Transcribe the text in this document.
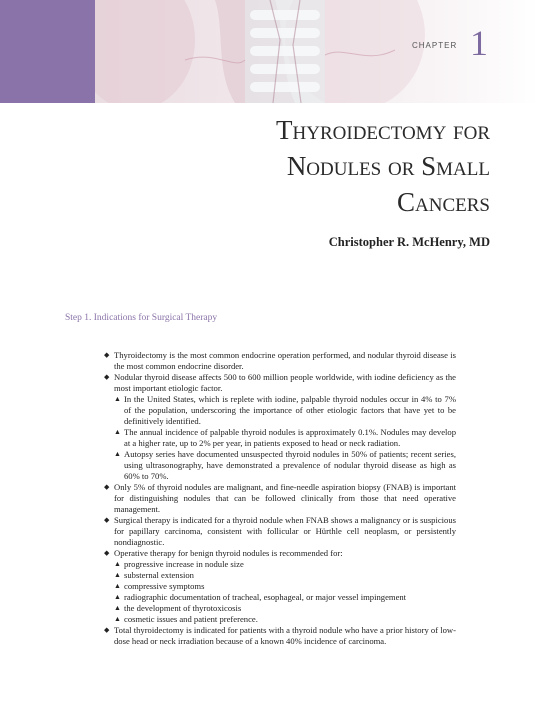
CHAPTER 1
Thyroidectomy for
Nodules or Small
Cancers
Christopher R. McHenry, MD
Step 1. Indications for Surgical Therapy
◆ Thyroidectomy is the most common endocrine operation performed, and nodular thyroid disease is the most common endocrine disorder.
◆ Nodular thyroid disease affects 500 to 600 million people worldwide, with iodine deficiency as the most important etiologic factor.
▲ In the United States, which is replete with iodine, palpable thyroid nodules occur in 4% to 7% of the population, underscoring the importance of other etiologic factors that have yet to be definitively identified.
▲ The annual incidence of palpable thyroid nodules is approximately 0.1%. Nodules may develop at a higher rate, up to 2% per year, in patients exposed to head or neck radiation.
▲ Autopsy series have documented unsuspected thyroid nodules in 50% of patients; recent series, using ultrasonography, have demonstrated a prevalence of nodular thyroid disease as high as 60% to 70%.
◆ Only 5% of thyroid nodules are malignant, and fine-needle aspiration biopsy (FNAB) is important for distinguishing nodules that can be followed clinically from those that need operative management.
◆ Surgical therapy is indicated for a thyroid nodule when FNAB shows a malignancy or is suspicious for papillary carcinoma, consistent with follicular or Hürthle cell neoplasm, or persistently nondiagnostic.
◆ Operative therapy for benign thyroid nodules is recommended for:
▲ progressive increase in nodule size
▲ substernal extension
▲ compressive symptoms
▲ radiographic documentation of tracheal, esophageal, or major vessel impingement
▲ the development of thyrotoxicosis
▲ cosmetic issues and patient preference.
◆ Total thyroidectomy is indicated for patients with a thyroid nodule who have a prior history of low-dose head or neck irradiation because of a known 40% incidence of carcinoma.
